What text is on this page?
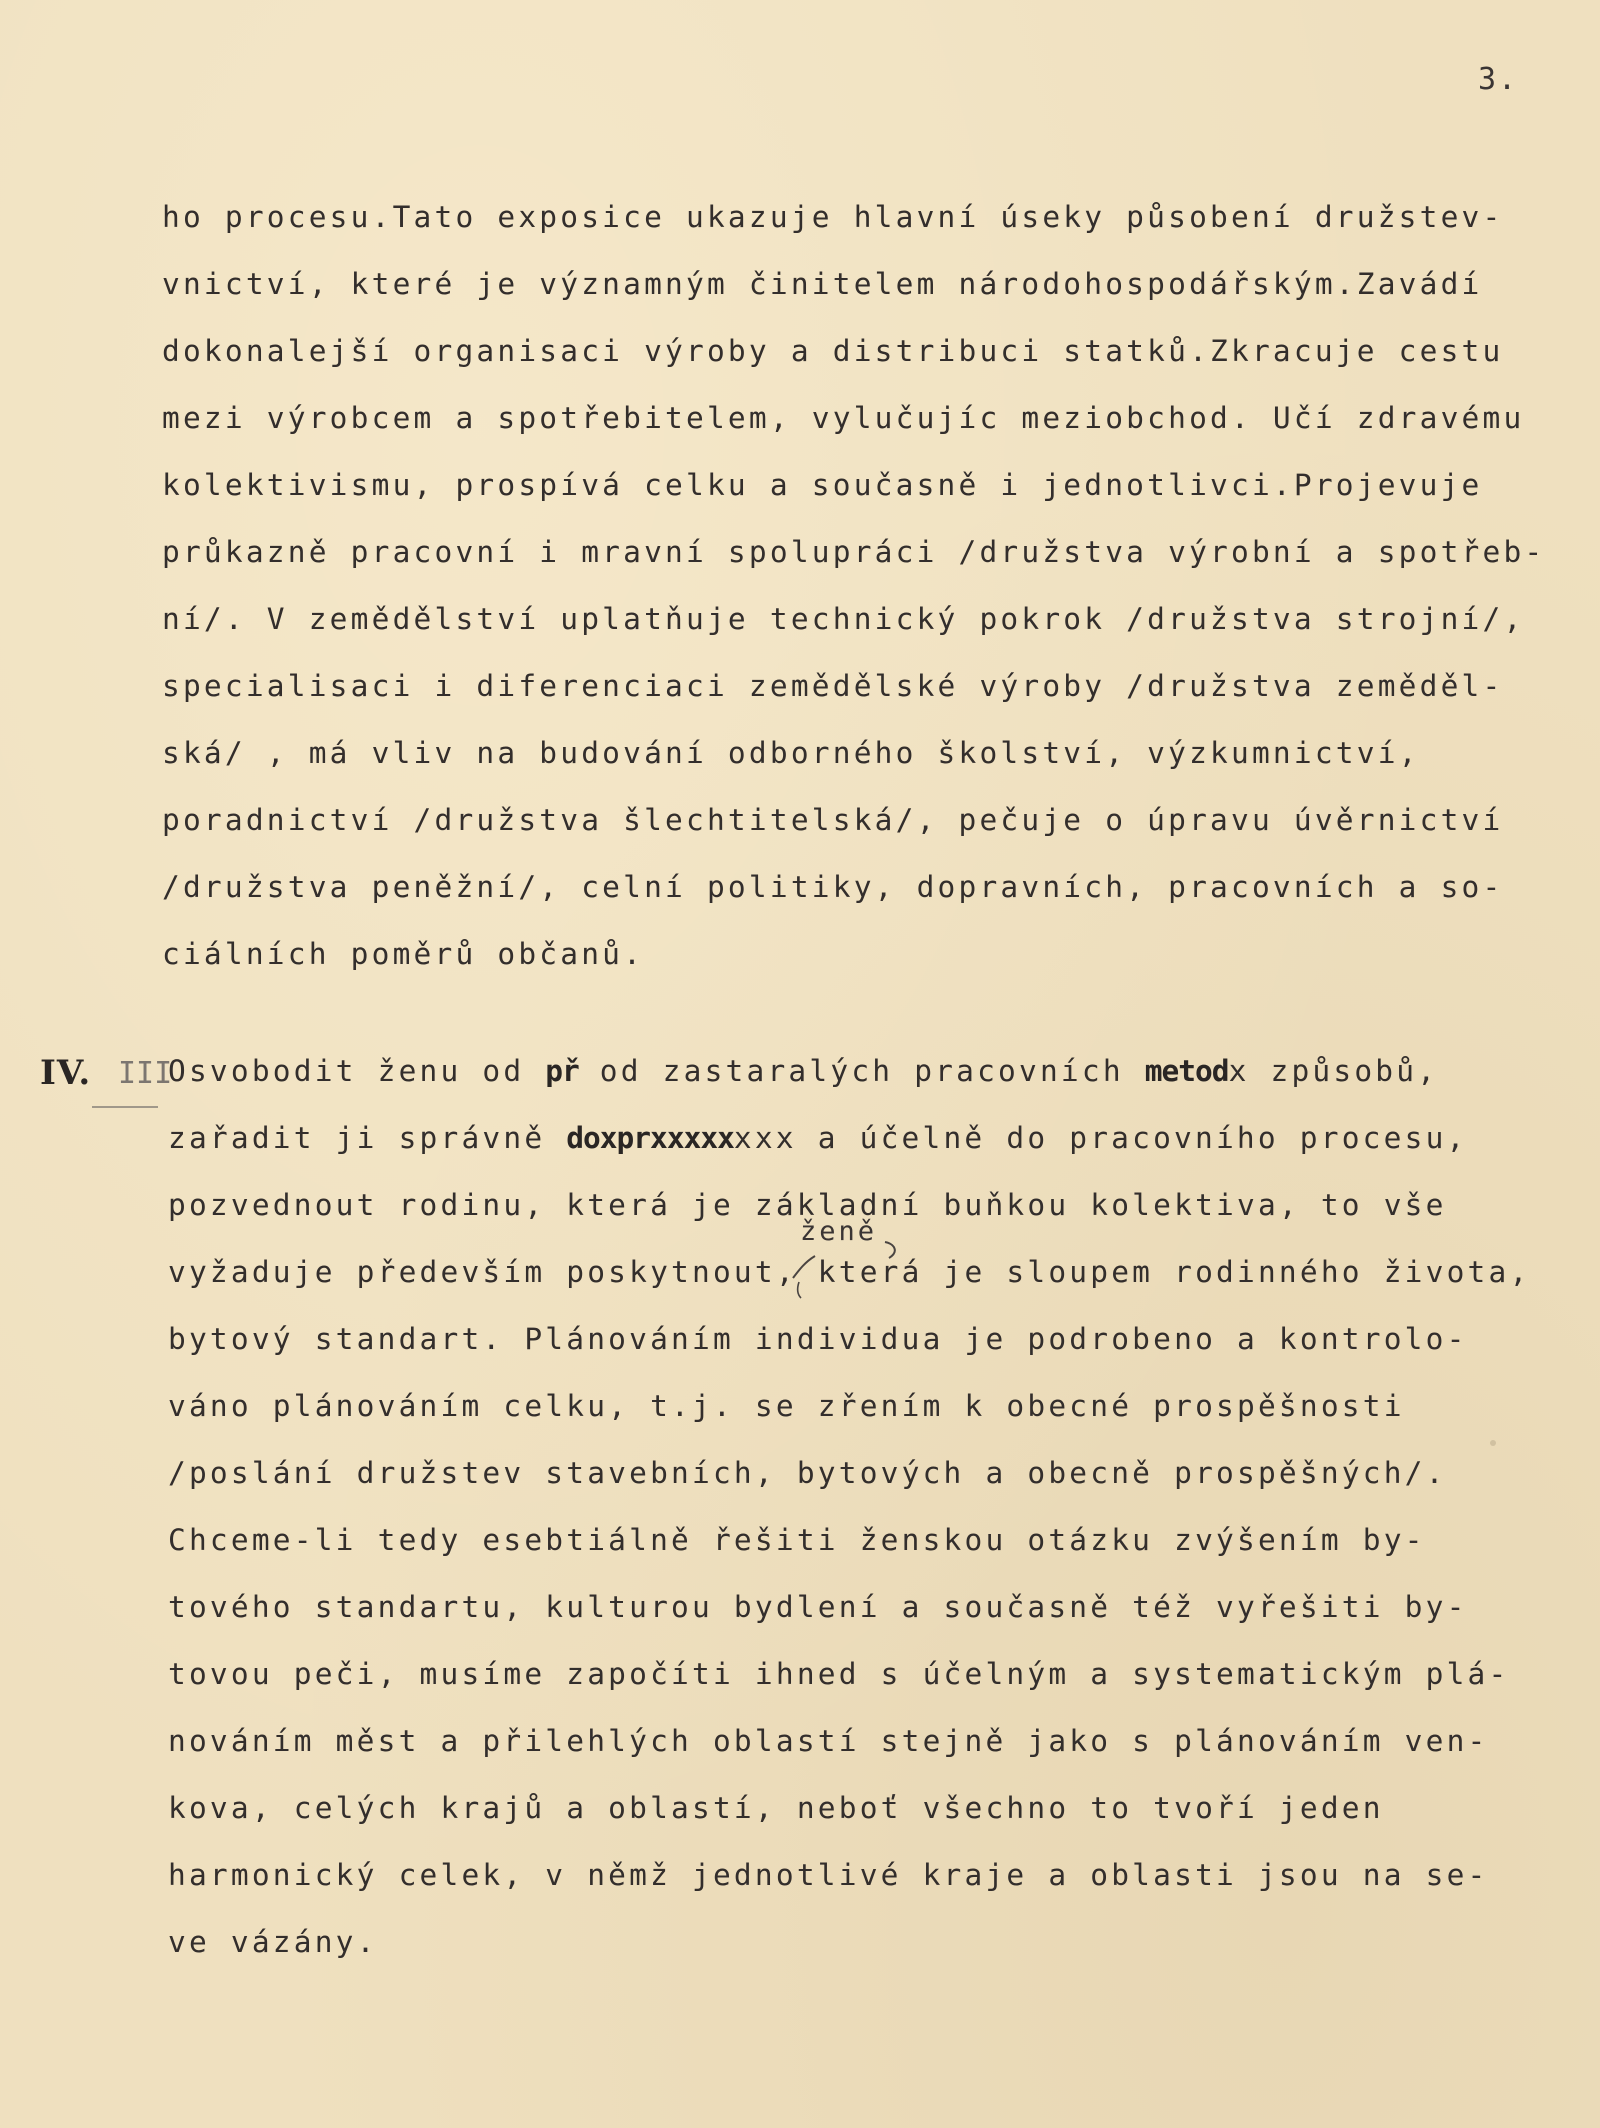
3.
ho procesu.Tato exposice ukazuje hlavní úseky působení družstev-
vnictví, které je významným činitelem národohospodářským.Zavádí
dokonalejší organisaci výroby a distribuci statků.Zkracuje cestu
mezi výrobcem a spotřebitelem, vylučujíc meziobchod. Učí zdravému
kolektivismu, prospívá celku a současně i jednotlivci.Projevuje
průkazně pracovní i mravní spolupráci /družstva výrobní a spotřeb-
ní/. V zemědělství uplatňuje technický pokrok /družstva strojní/,
specialisaci i diferenciaci zemědělské výroby /družstva zeměděl-
ská/ , má vliv na budování odborného školství, výzkumnictví,
poradnictví /družstva šlechtitelská/, pečuje o úpravu úvěrnictví
/družstva peněžní/, celní politiky, dopravních, pracovních a so-
ciálních poměrů občanů.
IV. III
Osvobodit ženu od př od zastaralých pracovních metodx způsobů,
zařadit ji správně doxprxxxxxxxx a účelně do pracovního procesu,
pozvednout rodinu, která je základní buňkou kolektiva, to vše
ženě
vyžaduje především poskytnout, která je sloupem rodinného života,
bytový standart. Plánováním individua je podrobeno a kontrolo-
váno plánováním celku, t.j. se zřením k obecné prospěšnosti
/poslání družstev stavebních, bytových a obecně prospěšných/.
Chceme-li tedy esebtiálně řešiti ženskou otázku zvýšením by-
tového standartu, kulturou bydlení a současně též vyřešiti by-
tovou peči, musíme započíti ihned s účelným a systematickým plá-
nováním měst a přilehlých oblastí stejně jako s plánováním ven-
kova, celých krajů a oblastí, neboť všechno to tvoří jeden
harmonický celek, v němž jednotlivé kraje a oblasti jsou na se-
ve vázány.
